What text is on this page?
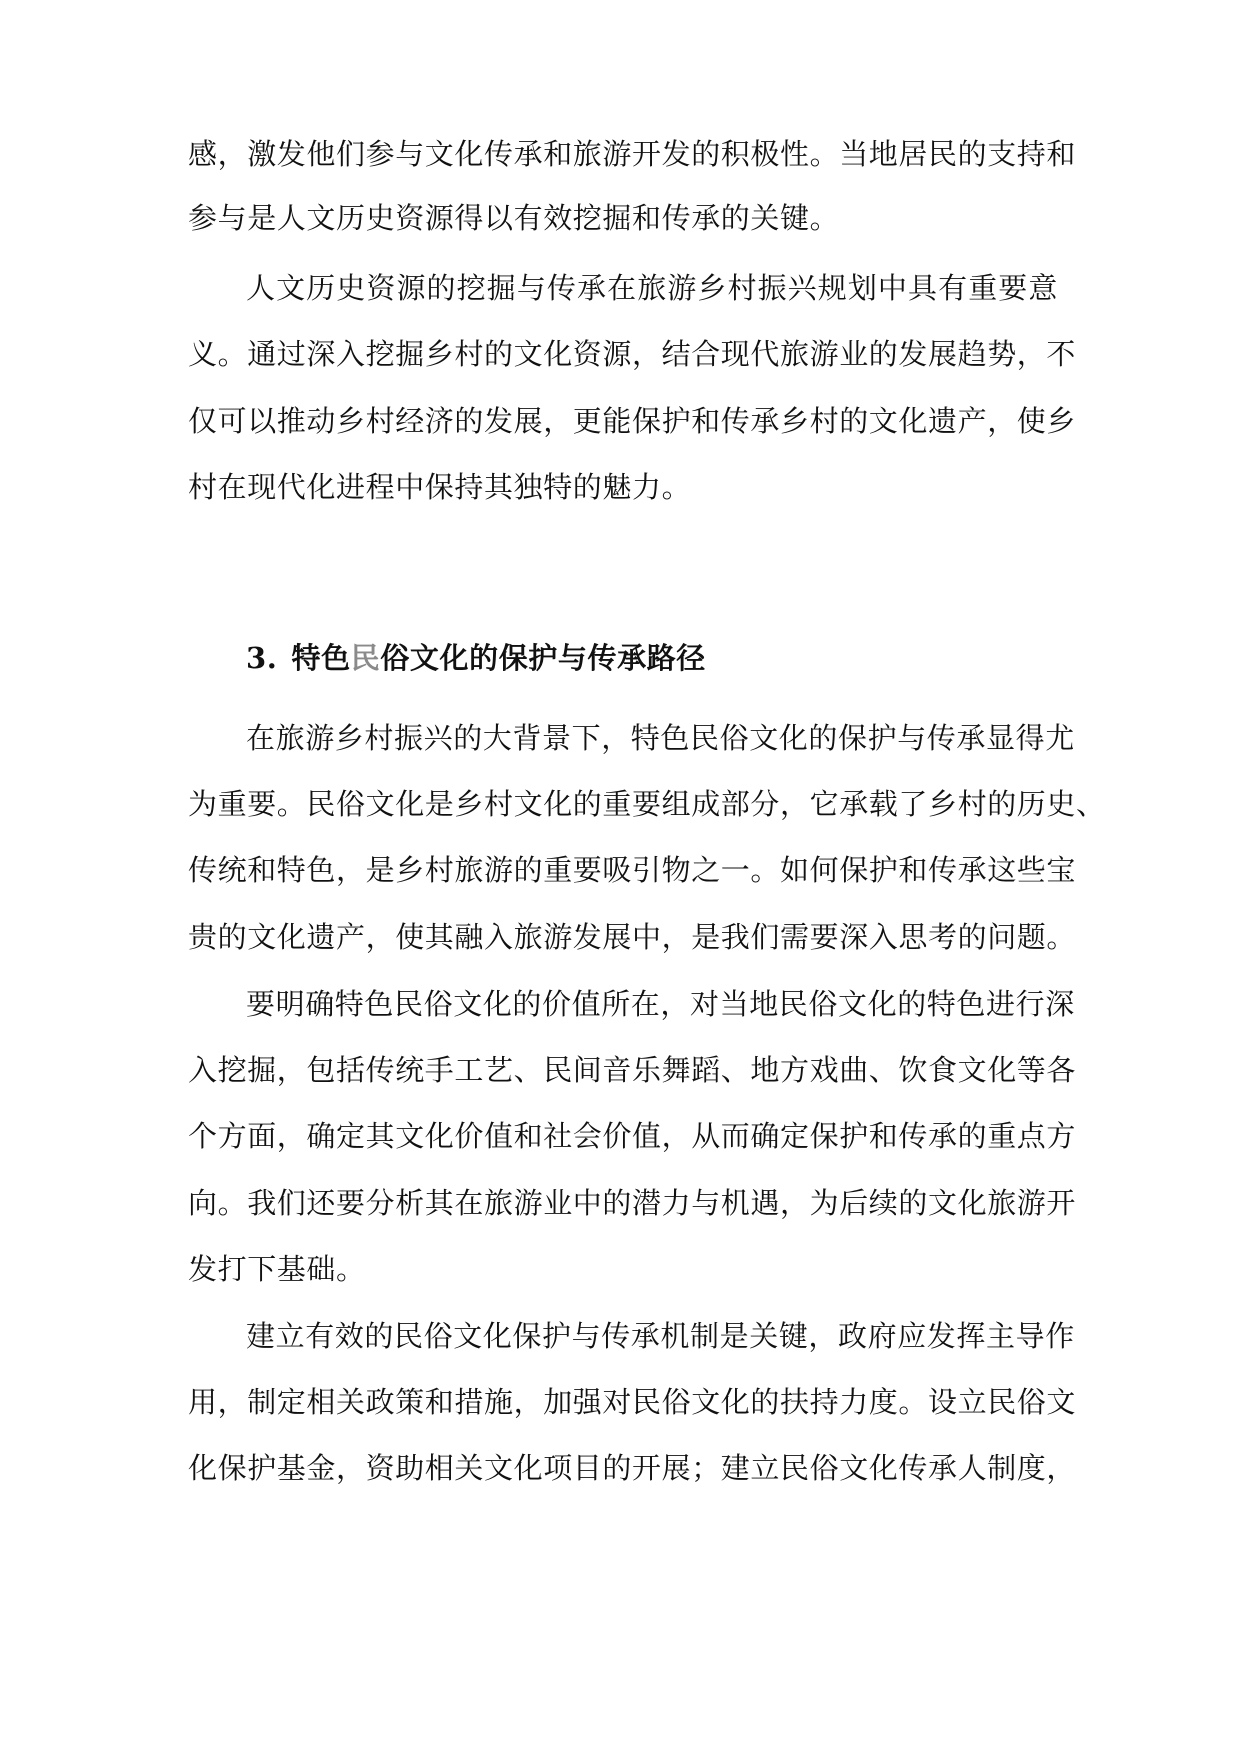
感，激发他们参与文化传承和旅游开发的积极性。当地居民的支持和
参与是人文历史资源得以有效挖掘和传承的关键。
人文历史资源的挖掘与传承在旅游乡村振兴规划中具有重要意
义。通过深入挖掘乡村的文化资源，结合现代旅游业的发展趋势，不
仅可以推动乡村经济的发展，更能保护和传承乡村的文化遗产，使乡
村在现代化进程中保持其独特的魅力。
3. 特色民俗文化的保护与传承路径
在旅游乡村振兴的大背景下，特色民俗文化的保护与传承显得尤
为重要。民俗文化是乡村文化的重要组成部分，它承载了乡村的历史、
传统和特色，是乡村旅游的重要吸引物之一。如何保护和传承这些宝
贵的文化遗产，使其融入旅游发展中，是我们需要深入思考的问题。
要明确特色民俗文化的价值所在，对当地民俗文化的特色进行深
入挖掘，包括传统手工艺、民间音乐舞蹈、地方戏曲、饮食文化等各
个方面，确定其文化价值和社会价值，从而确定保护和传承的重点方
向。我们还要分析其在旅游业中的潜力与机遇，为后续的文化旅游开
发打下基础。
建立有效的民俗文化保护与传承机制是关键，政府应发挥主导作
用，制定相关政策和措施，加强对民俗文化的扶持力度。设立民俗文
化保护基金，资助相关文化项目的开展；建立民俗文化传承人制度，
